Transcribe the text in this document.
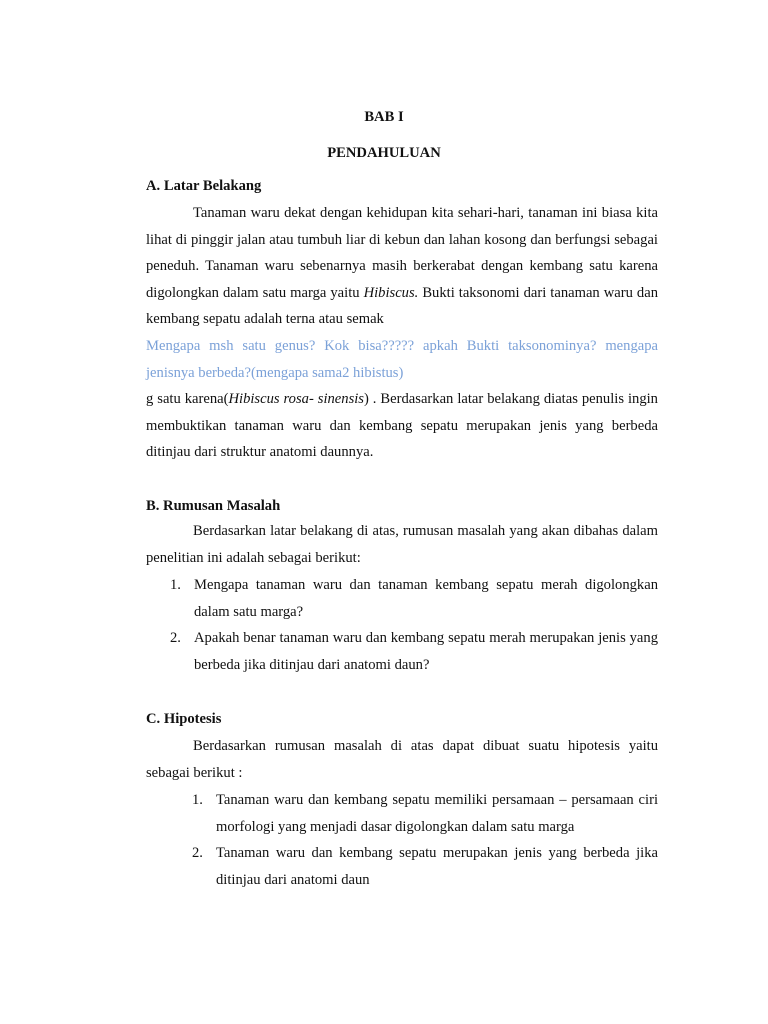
BAB I
PENDAHULUAN
A. Latar Belakang

Tanaman waru dekat dengan kehidupan kita sehari-hari, tanaman ini biasa kita lihat di pinggir jalan atau tumbuh liar di kebun dan lahan kosong dan berfungsi sebagai peneduh. Tanaman waru sebenarnya masih berkerabat dengan kembang satu karena digolongkan dalam satu marga yaitu Hibiscus. Bukti taksonomi dari tanaman waru dan kembang sepatu adalah terna atau semak

Mengapa msh satu genus? Kok bisa????? apkah Bukti taksonominya? mengapa jenisnya berbeda?(mengapa sama2 hibistus)

g satu karena(Hibiscus rosa- sinensis) . Berdasarkan latar belakang diatas penulis ingin membuktikan tanaman waru dan kembang sepatu merupakan jenis yang berbeda ditinjau dari struktur anatomi daunnya.

B. Rumusan Masalah

Berdasarkan latar belakang di atas, rumusan masalah yang akan dibahas dalam penelitian ini adalah sebagai berikut:

1. Mengapa tanaman waru dan tanaman kembang sepatu merah digolongkan dalam satu marga?
2. Apakah benar tanaman waru dan kembang sepatu merah merupakan jenis yang berbeda jika ditinjau dari anatomi daun?
C. Hipotesis

Berdasarkan rumusan masalah di atas dapat dibuat suatu hipotesis yaitu sebagai berikut :

1. Tanaman waru dan kembang sepatu memiliki persamaan – persamaan ciri morfologi yang menjadi dasar digolongkan dalam satu marga
2. Tanaman waru dan kembang sepatu merupakan jenis yang berbeda jika ditinjau dari anatomi daun
